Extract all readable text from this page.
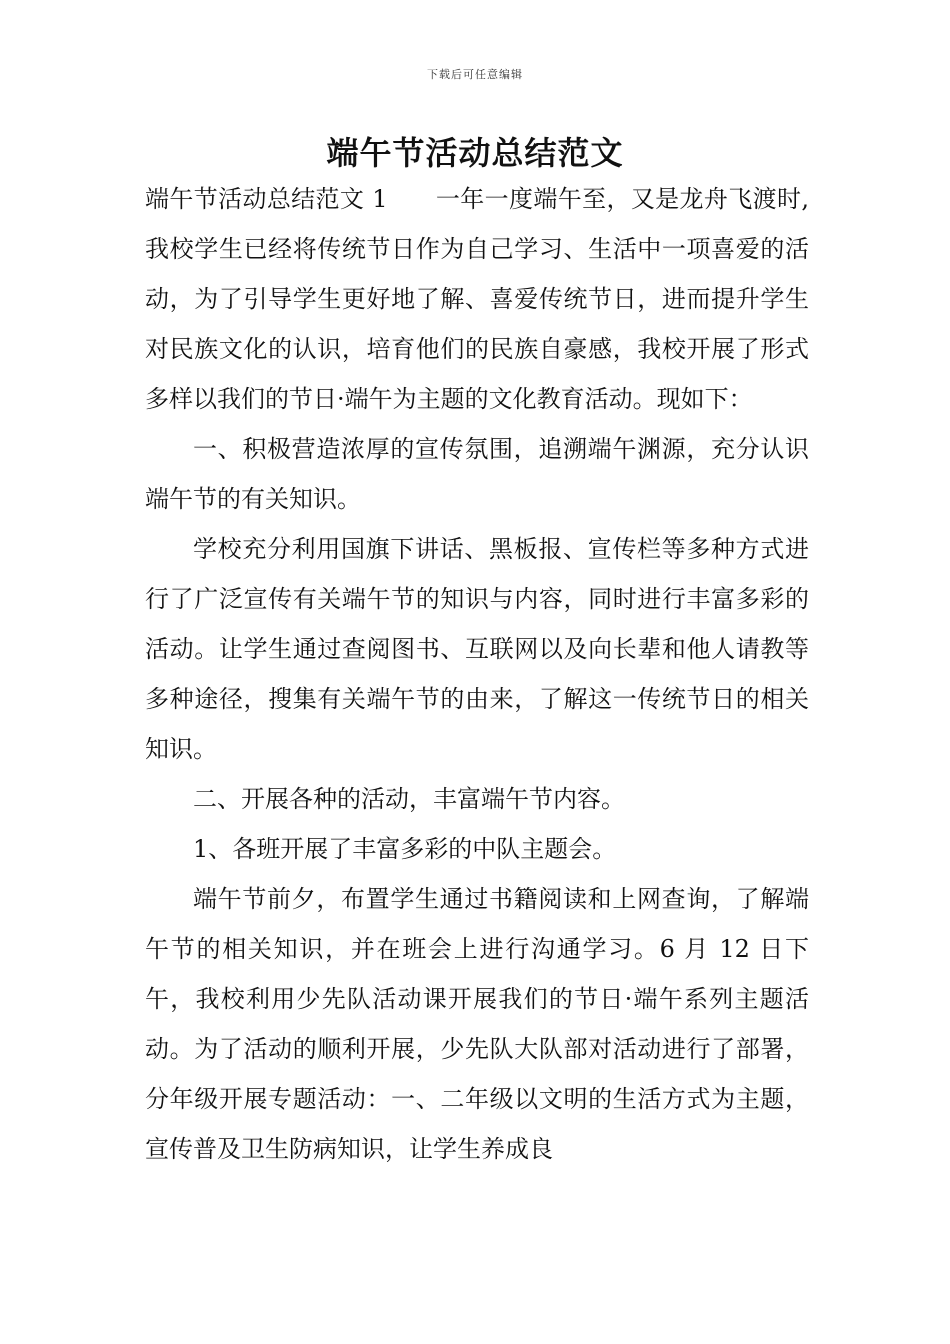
下载后可任意编辑
端午节活动总结范文

端午节活动总结范文 1 一年一度端午至，又是龙舟飞渡时,我校学生已经将传统节日作为自己学习、生活中一项喜爱的活动，为了引导学生更好地了解、喜爱传统节日，进而提升学生对民族文化的认识，培育他们的民族自豪感，我校开展了形式多样以我们的节日·端午为主题的文化教育活动。现如下：

一、积极营造浓厚的宣传氛围，追溯端午渊源，充分认识端午节的有关知识。

学校充分利用国旗下讲话、黑板报、宣传栏等多种方式进行了广泛宣传有关端午节的知识与内容，同时进行丰富多彩的活动。让学生通过查阅图书、互联网以及向长辈和他人请教等多种途径，搜集有关端午节的由来，了解这一传统节日的相关知识。

二、开展各种的活动，丰富端午节内容。

1、各班开展了丰富多彩的中队主题会。

端午节前夕，布置学生通过书籍阅读和上网查询，了解端午节的相关知识，并在班会上进行沟通学习。6 月 12 日下午，我校利用少先队活动课开展我们的节日·端午系列主题活动。为了活动的顺利开展，少先队大队部对活动进行了部署，分年级开展专题活动：一、二年级以文明的生活方式为主题，宣传普及卫生防病知识，让学生养成良
